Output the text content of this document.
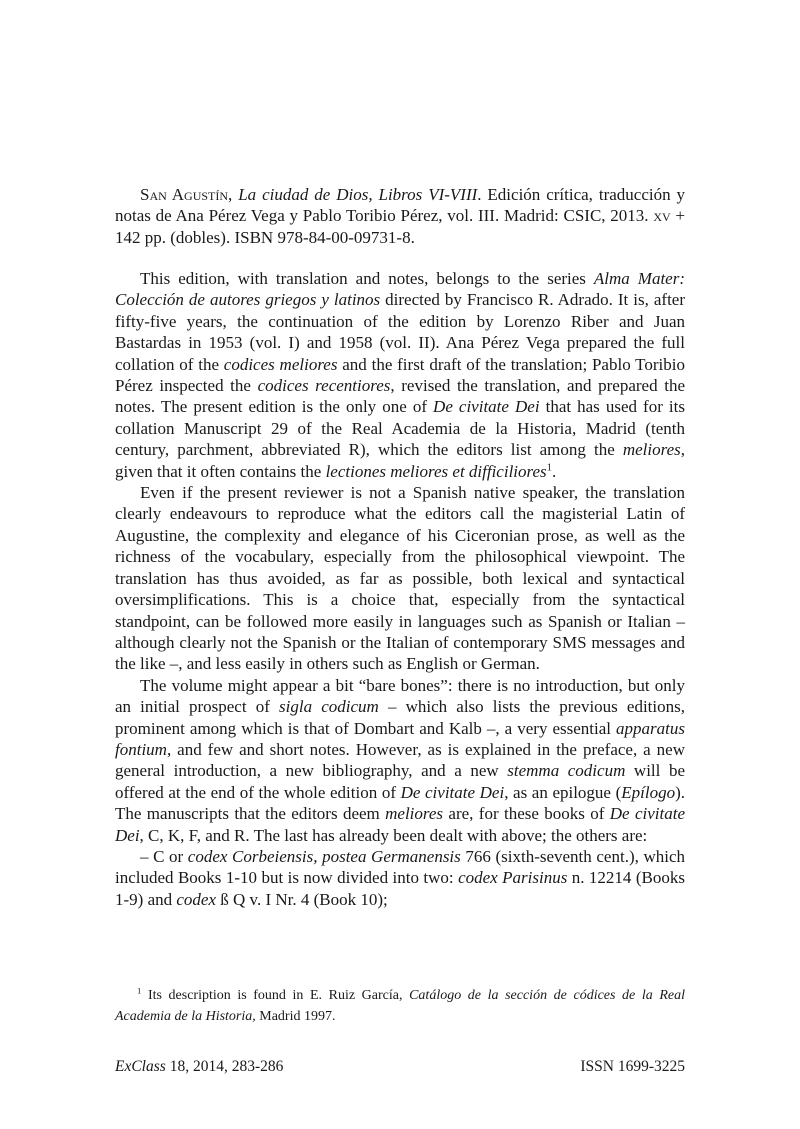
San Agustín, La ciudad de Dios, Libros VI-VIII. Edición crítica, traducción y notas de Ana Pérez Vega y Pablo Toribio Pérez, vol. III. Madrid: CSIC, 2013. xv + 142 pp. (dobles). ISBN 978-84-00-09731-8.

This edition, with translation and notes, belongs to the series Alma Mater: Colección de autores griegos y latinos directed by Francisco R. Adrado. It is, after fifty-five years, the continuation of the edition by Lorenzo Riber and Juan Bastardas in 1953 (vol. I) and 1958 (vol. II). Ana Pérez Vega prepared the full collation of the codices meliores and the first draft of the translation; Pablo Toribio Pérez inspected the codices recentiores, revised the translation, and prepared the notes. The present edition is the only one of De civitate Dei that has used for its collation Manuscript 29 of the Real Academia de la Historia, Madrid (tenth century, parchment, abbreviated R), which the editors list among the meliores, given that it often contains the lectiones meliores et difficiliores$^1$.

Even if the present reviewer is not a Spanish native speaker, the translation clearly endeavours to reproduce what the editors call the magisterial Latin of Augustine, the complexity and elegance of his Ciceronian prose, as well as the richness of the vocabulary, especially from the philosophical viewpoint. The translation has thus avoided, as far as possible, both lexical and syntactical oversimplifications. This is a choice that, especially from the syntactical standpoint, can be followed more easily in languages such as Spanish or Italian – although clearly not the Spanish or the Italian of contemporary SMS messages and the like –, and less easily in others such as English or German.

The volume might appear a bit “bare bones”: there is no introduction, but only an initial prospect of sigla codicum – which also lists the previous editions, prominent among which is that of Dombart and Kalb –, a very essential apparatus fontium, and few and short notes. However, as is explained in the preface, a new general introduction, a new bibliography, and a new stemma codicum will be offered at the end of the whole edition of De civitate Dei, as an epilogue (Epílogo). The manuscripts that the editors deem meliores are, for these books of De civitate Dei, C, K, F, and R. The last has already been dealt with above; the others are:

– C or codex Corbeiensis, postea Germanensis 766 (sixth-seventh cent.), which included Books 1-10 but is now divided into two: codex Parisinus n. 12214 (Books 1-9) and codex ß Q v. I Nr. 4 (Book 10);

$^1$ Its description is found in E. Ruiz García, Catálogo de la sección de códices de la Real Academia de la Historia, Madrid 1997.
ExClass 18, 2014, 283-286	ISSN 1699-3225
